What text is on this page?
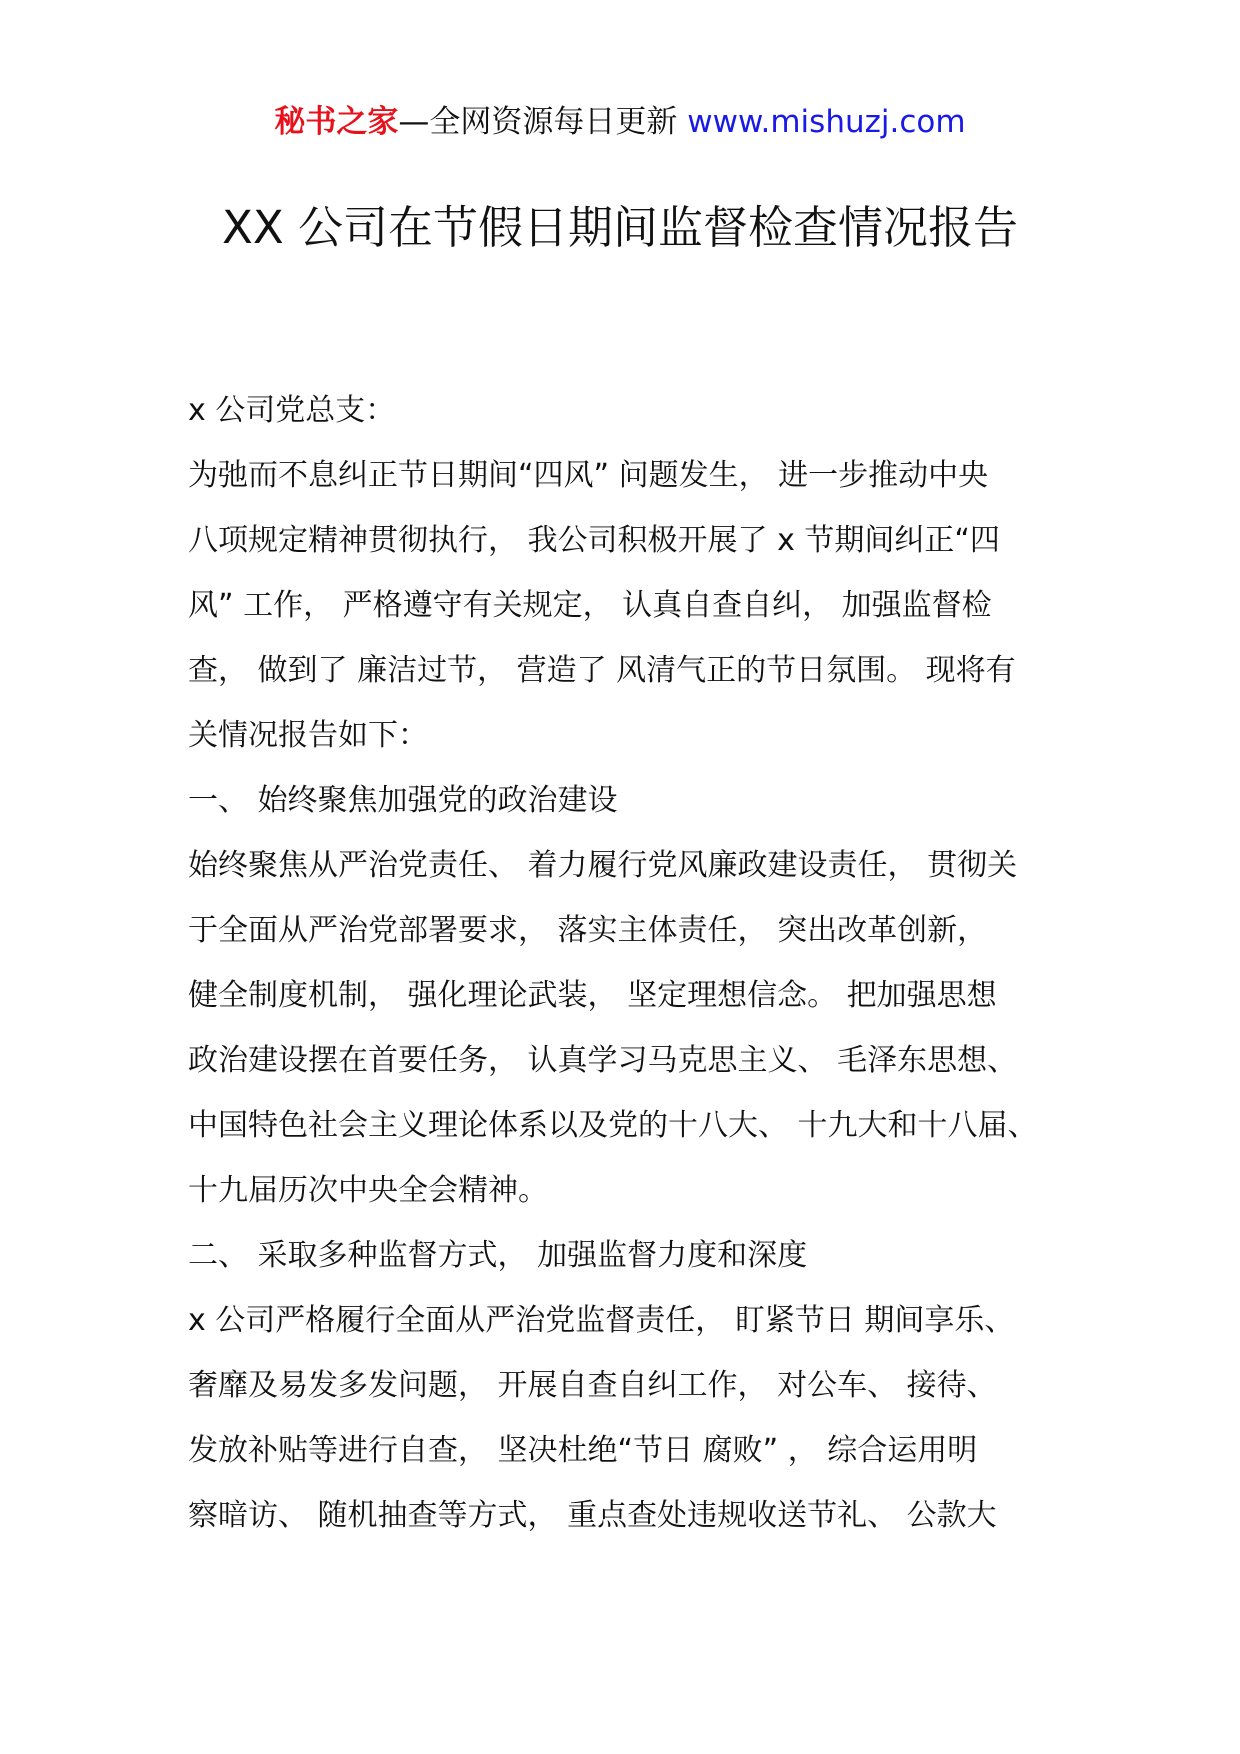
秘书之家—全网资源每日更新 www.mishuzj.com
XX 公司在节假日期间监督检查情况报告
x 公司党总支：
为弛而不息纠正节日期间“四风” 问题发生， 进一步推动中央
八项规定精神贯彻执行， 我公司积极开展了 x 节期间纠正“四
风” 工作， 严格遵守有关规定， 认真自查自纠， 加强监督检
查， 做到了 廉洁过节， 营造了 风清气正的节日氛围。 现将有
关情况报告如下：
一、 始终聚焦加强党的政治建设
始终聚焦从严治党责任、 着力履行党风廉政建设责任， 贯彻关
于全面从严治党部署要求， 落实主体责任， 突出改革创新，
健全制度机制， 强化理论武装， 坚定理想信念。 把加强思想
政治建设摆在首要任务， 认真学习马克思主义、 毛泽东思想、
中国特色社会主义理论体系以及党的十八大、 十九大和十八届、
十九届历次中央全会精神。
二、 采取多种监督方式， 加强监督力度和深度
x 公司严格履行全面从严治党监督责任， 盯紧节日 期间享乐、
奢靡及易发多发问题， 开展自查自纠工作， 对公车、 接待、
发放补贴等进行自查， 坚决杜绝“节日 腐败” ， 综合运用明
察暗访、 随机抽查等方式， 重点查处违规收送节礼、 公款大
